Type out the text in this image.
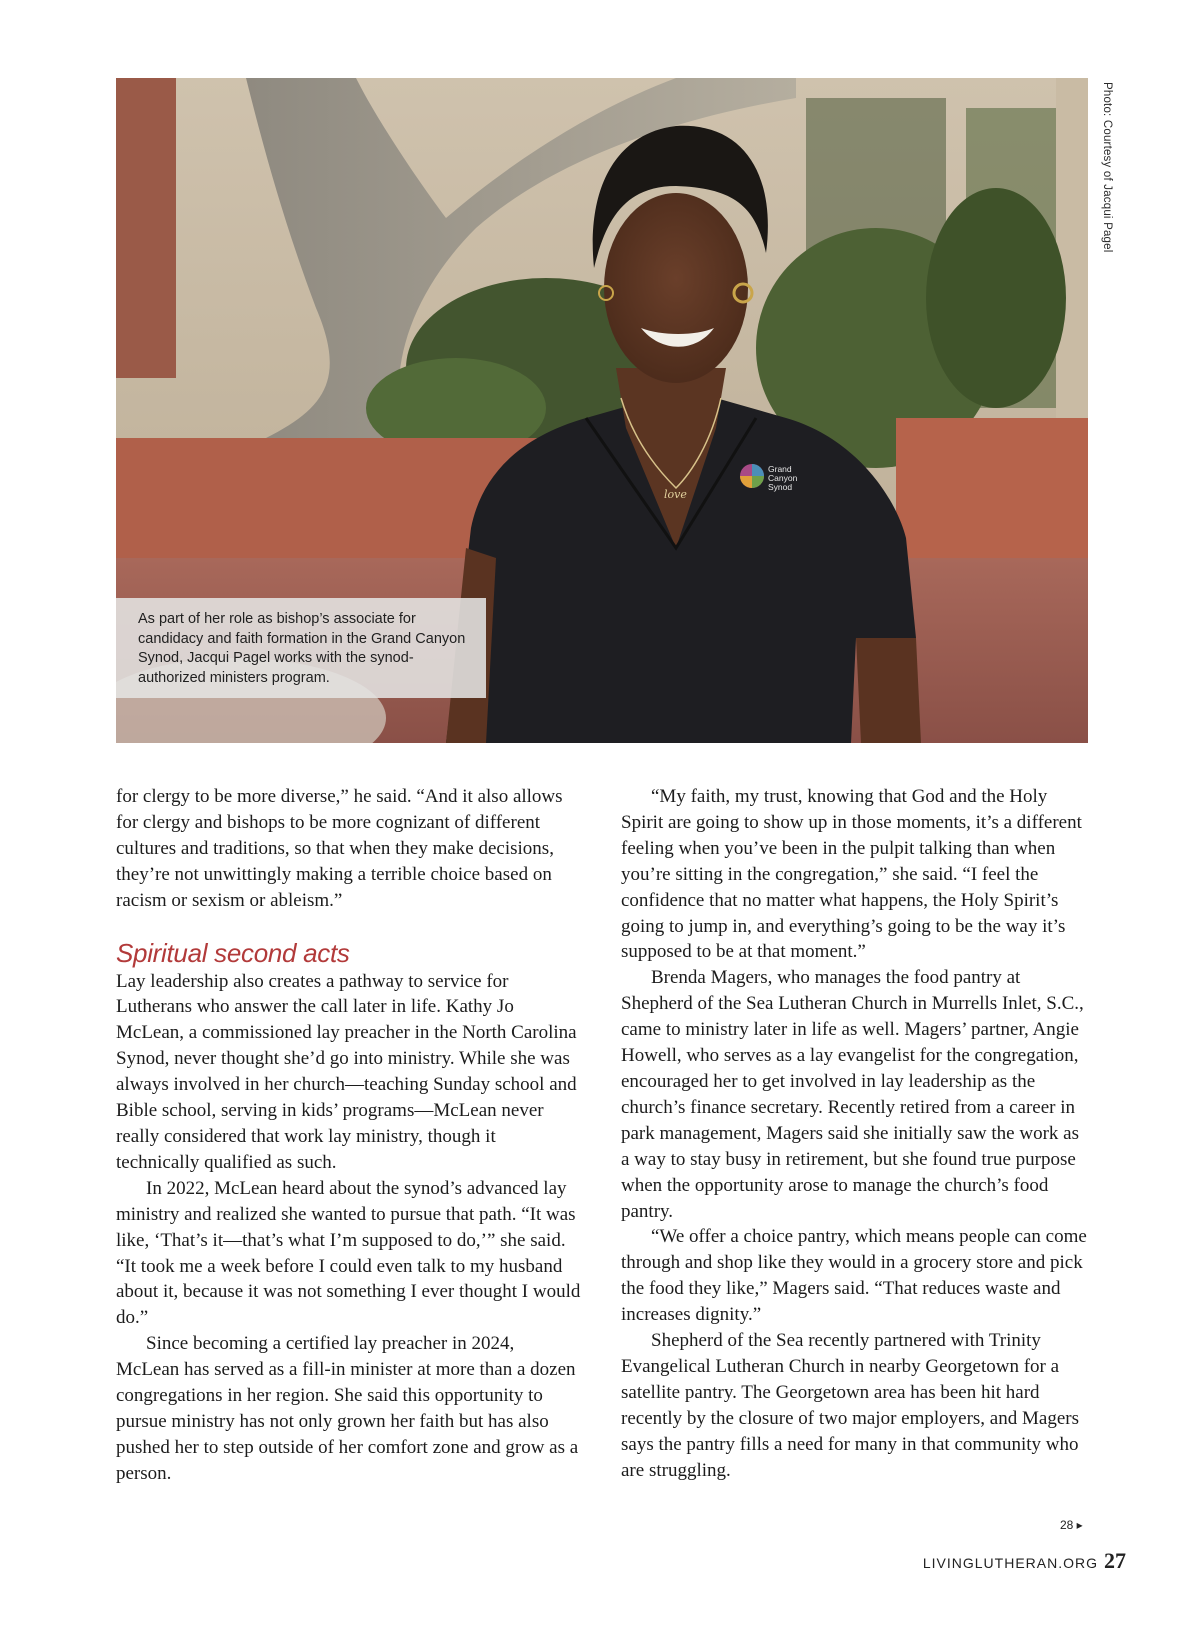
love
Grand
Canyon
Synod
Photo: Courtesy of Jacqui Pagel
As part of her role as bishop’s associate for candidacy and faith formation in the Grand Canyon Synod, Jacqui Pagel works with the synod-authorized ministers program.

for clergy to be more diverse,” he said. “And it also allows for clergy and bishops to be more cognizant of different cultures and traditions, so that when they make decisions, they’re not unwittingly making a terrible choice based on racism or sexism or ableism.”

Spiritual second acts

Lay leadership also creates a pathway to service for Lutherans who answer the call later in life. Kathy Jo McLean, a commissioned lay preacher in the North Carolina Synod, never thought she’d go into ministry. While she was always involved in her church—teaching Sunday school and Bible school, serving in kids’ programs—McLean never really considered that work lay ministry, though it technically qualified as such.

In 2022, McLean heard about the synod’s advanced lay ministry and realized she wanted to pursue that path. “It was like, ‘That’s it—that’s what I’m supposed to do,’” she said. “It took me a week before I could even talk to my husband about it, because it was not something I ever thought I would do.”

Since becoming a certified lay preacher in 2024, McLean has served as a fill-in minister at more than a dozen congregations in her region. She said this opportunity to pursue ministry has not only grown her faith but has also pushed her to step outside of her comfort zone and grow as a person.

“My faith, my trust, knowing that God and the Holy Spirit are going to show up in those moments, it’s a different feeling when you’ve been in the pulpit talking than when you’re sitting in the congregation,” she said. “I feel the confidence that no matter what happens, the Holy Spirit’s going to jump in, and everything’s going to be the way it’s supposed to be at that moment.”

Brenda Magers, who manages the food pantry at Shepherd of the Sea Lutheran Church in Murrells Inlet, S.C., came to ministry later in life as well. Magers’ partner, Angie Howell, who serves as a lay evangelist for the congregation, encouraged her to get involved in lay leadership as the church’s finance secretary. Recently retired from a career in park management, Magers said she initially saw the work as a way to stay busy in retirement, but she found true purpose when the opportunity arose to manage the church’s food pantry.

“We offer a choice pantry, which means people can come through and shop like they would in a grocery store and pick the food they like,” Magers said. “That reduces waste and increases dignity.”

Shepherd of the Sea recently partnered with Trinity Evangelical Lutheran Church in nearby Georgetown for a satellite pantry. The Georgetown area has been hit hard recently by the closure of two major employers, and Magers says the pantry fills a need for many in that community who are struggling.

28 ▸
LIVINGLUTHERAN.ORG 27
